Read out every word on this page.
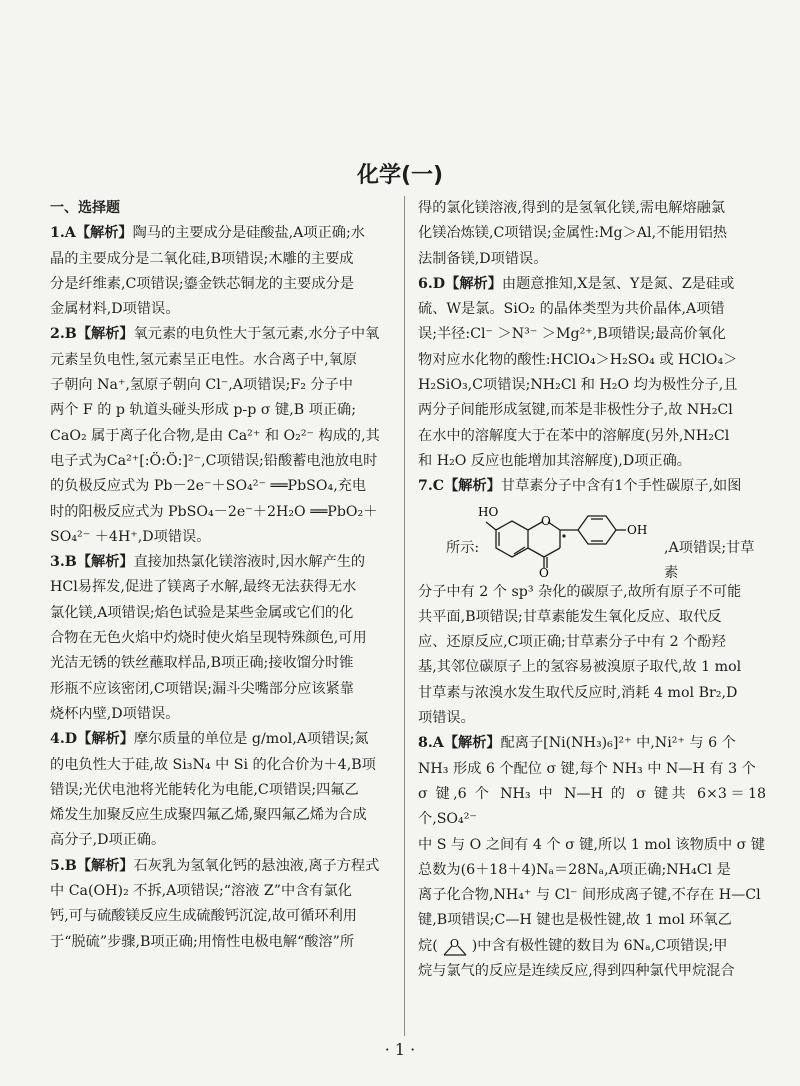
化学(一)
一、选择题

1.A【解析】陶马的主要成分是硅酸盐,A项正确;水

晶的主要成分是二氧化硅,B项错误;木雕的主要成

分是纤维素,C项错误;鎏金铁芯铜龙的主要成分是

金属材料,D项错误。

2.B【解析】氧元素的电负性大于氢元素,水分子中氧

元素呈负电性,氢元素呈正电性。水合离子中,氧原

子朝向 Na⁺,氢原子朝向 Cl⁻,A项错误;F₂ 分子中

两个 F 的 p 轨道头碰头形成 p-p σ 键,B 项正确;

CaO₂ 属于离子化合物,是由 Ca²⁺ 和 O₂²⁻ 构成的,其

电子式为Ca²⁺[:Ö:Ö:]²⁻,C项错误;铅酸蓄电池放电时

的负极反应式为 Pb－2e⁻＋SO₄²⁻ ══PbSO₄,充电

时的阳极反应式为 PbSO₄－2e⁻＋2H₂O ══PbO₂＋

SO₄²⁻ ＋4H⁺,D项错误。

3.B【解析】直接加热氯化镁溶液时,因水解产生的

HCl易挥发,促进了镁离子水解,最终无法获得无水

氯化镁,A项错误;焰色试验是某些金属或它们的化

合物在无色火焰中灼烧时使火焰呈现特殊颜色,可用

光洁无锈的铁丝蘸取样品,B项正确;接收馏分时锥

形瓶不应该密闭,C项错误;漏斗尖嘴部分应该紧靠

烧杯内壁,D项错误。

4.D【解析】摩尔质量的单位是 g/mol,A项错误;氮

的电负性大于硅,故 Si₃N₄ 中 Si 的化合价为＋4,B项

错误;光伏电池将光能转化为电能,C项错误;四氟乙

烯发生加聚反应生成聚四氟乙烯,聚四氟乙烯为合成

高分子,D项正确。

5.B【解析】石灰乳为氢氧化钙的悬浊液,离子方程式

中 Ca(OH)₂ 不拆,A项错误;“溶液 Z”中含有氯化

钙,可与硫酸镁反应生成硫酸钙沉淀,故可循环利用

于“脱硫”步骤,B项正确;用惰性电极电解“酸溶”所

得的氯化镁溶液,得到的是氢氧化镁,需电解熔融氯

化镁冶炼镁,C项错误;金属性:Mg＞Al,不能用铝热

法制备镁,D项错误。

6.D【解析】由题意推知,X是氢、Y是氮、Z是硅或

硫、W是氯。SiO₂ 的晶体类型为共价晶体,A项错

误;半径:Cl⁻ ＞N³⁻ ＞Mg²⁺,B项错误;最高价氧化

物对应水化物的酸性:HClO₄＞H₂SO₄ 或 HClO₄＞

H₂SiO₃,C项错误;NH₂Cl 和 H₂O 均为极性分子,且

两分子间能形成氢键,而苯是非极性分子,故 NH₂Cl

在水中的溶解度大于在苯中的溶解度(另外,NH₂Cl

和 H₂O 反应也能增加其溶解度),D项正确。

7.C【解析】甘草素分子中含有1个手性碳原子,如图

所示:
HO
O
O
OH
,A项错误;甘草素

分子中有 2 个 sp³ 杂化的碳原子,故所有原子不可能

共平面,B项错误;甘草素能发生氧化反应、取代反

应、还原反应,C项正确;甘草素分子中有 2 个酚羟

基,其邻位碳原子上的氢容易被溴原子取代,故 1 mol

甘草素与浓溴水发生取代反应时,消耗 4 mol Br₂,D

项错误。

8.A【解析】配离子[Ni(NH₃)₆]²⁺ 中,Ni²⁺ 与 6 个

NH₃ 形成 6 个配位 σ 键,每个 NH₃ 中 N—H 有 3 个

σ 键,6 个 NH₃ 中 N—H 的 σ 键共 6×3＝18 个,SO₄²⁻

中 S 与 O 之间有 4 个 σ 键,所以 1 mol 该物质中 σ 键

总数为(6＋18＋4)Nₐ＝28Nₐ,A项正确;NH₄Cl 是

离子化合物,NH₄⁺ 与 Cl⁻ 间形成离子键,不存在 H—Cl

键,B项错误;C—H 键也是极性键,故 1 mol 环氧乙

烷( O )中含有极性键的数目为 6Nₐ,C项错误;甲

烷与氯气的反应是连续反应,得到四种氯代甲烷混合

· 1 ·
